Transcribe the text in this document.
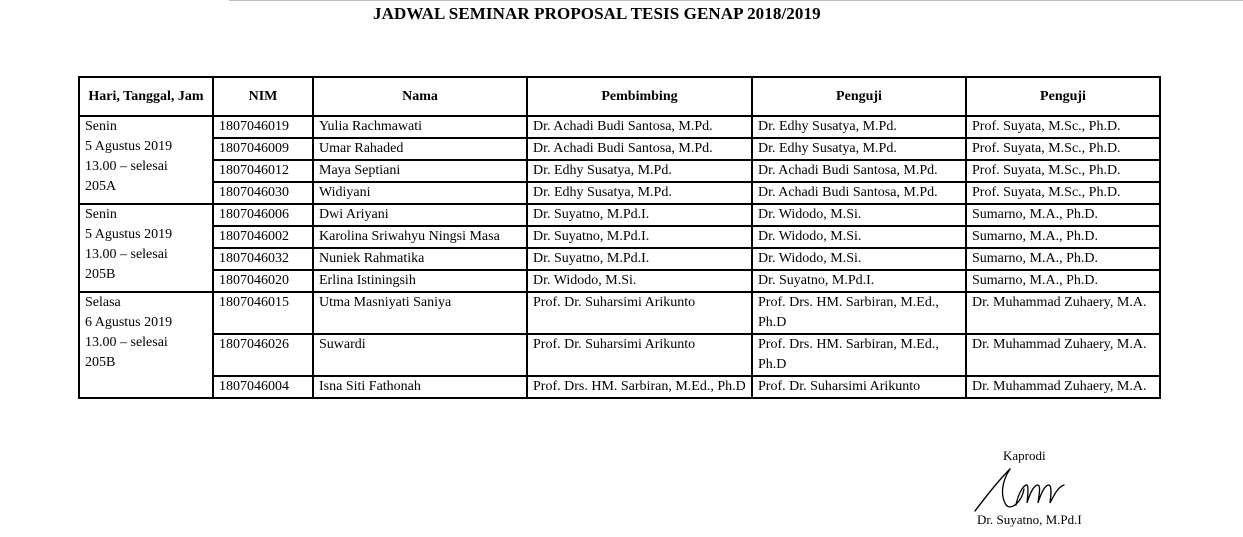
JADWAL SEMINAR PROPOSAL TESIS GENAP 2018/2019
Hari, Tanggal, Jam	NIM	Nama	Pembimbing	Penguji	Penguji
Senin
5 Agustus 2019
13.00 – selesai
205A	1807046019	Yulia Rachmawati	Dr. Achadi Budi Santosa, M.Pd.	Dr. Edhy Susatya, M.Pd.	Prof. Suyata, M.Sc., Ph.D.
	1807046009	Umar Rahaded	Dr. Achadi Budi Santosa, M.Pd.	Dr. Edhy Susatya, M.Pd.	Prof. Suyata, M.Sc., Ph.D.
	1807046012	Maya Septiani	Dr. Edhy Susatya, M.Pd.	Dr. Achadi Budi Santosa, M.Pd.	Prof. Suyata, M.Sc., Ph.D.
	1807046030	Widiyani	Dr. Edhy Susatya, M.Pd.	Dr. Achadi Budi Santosa, M.Pd.	Prof. Suyata, M.Sc., Ph.D.
Senin
5 Agustus 2019
13.00 – selesai
205B	1807046006	Dwi Ariyani	Dr. Suyatno, M.Pd.I.	Dr. Widodo, M.Si.	Sumarno, M.A., Ph.D.
	1807046002	Karolina Sriwahyu Ningsi Masa	Dr. Suyatno, M.Pd.I.	Dr. Widodo, M.Si.	Sumarno, M.A., Ph.D.
	1807046032	Nuniek Rahmatika	Dr. Suyatno, M.Pd.I.	Dr. Widodo, M.Si.	Sumarno, M.A., Ph.D.
	1807046020	Erlina Istiningsih	Dr. Widodo, M.Si.	Dr. Suyatno, M.Pd.I.	Sumarno, M.A., Ph.D.
Selasa
6 Agustus 2019
13.00 – selesai
205B	1807046015	Utma Masniyati Saniya	Prof. Dr. Suharsimi Arikunto	Prof. Drs. HM. Sarbiran, M.Ed., Ph.D	Dr. Muhammad Zuhaery, M.A.
	1807046026	Suwardi	Prof. Dr. Suharsimi Arikunto	Prof. Drs. HM. Sarbiran, M.Ed., Ph.D	Dr. Muhammad Zuhaery, M.A.
	1807046004	Isna Siti Fathonah	Prof. Drs. HM. Sarbiran, M.Ed., Ph.D	Prof. Dr. Suharsimi Arikunto	Dr. Muhammad Zuhaery, M.A.
Kaprodi
Dr. Suyatno, M.Pd.I
